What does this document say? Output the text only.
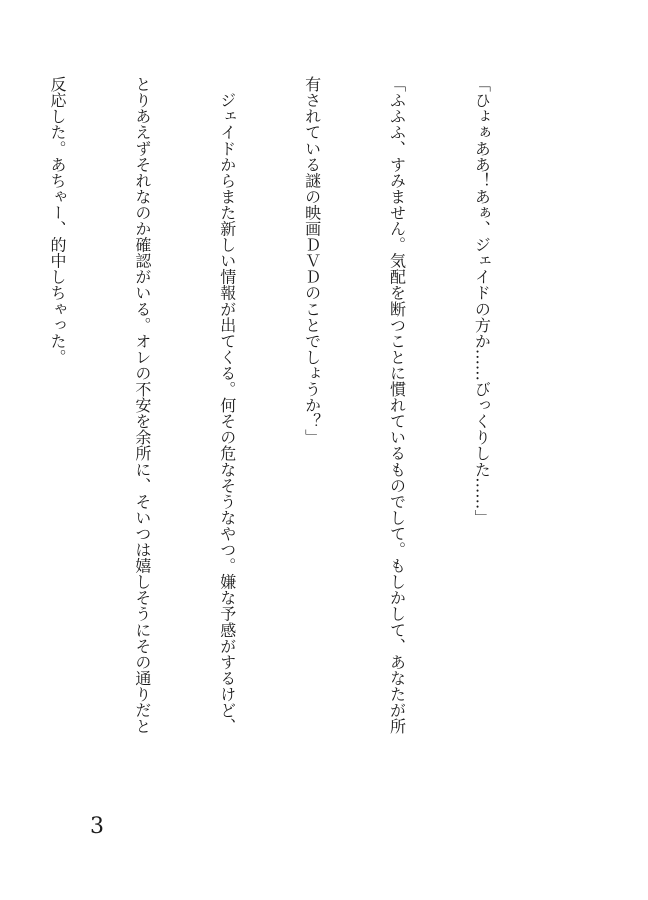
「ひょぁああ！あぁ、ジェイドの方か……びっくりした……」

「ふふふ、すみません。気配を断つことに慣れているものでして。もしかして、あなたが所

有されている謎の映画ＤＶＤのことでしょうか？」

　ジェイドからまた新しい情報が出てくる。何その危なそうなやつ。嫌な予感がするけど、

とりあえずそれなのか確認がいる。オレの不安を余所に、そいつは嬉しそうにその通りだと

反応した。あちゃー、的中しちゃった。

3
